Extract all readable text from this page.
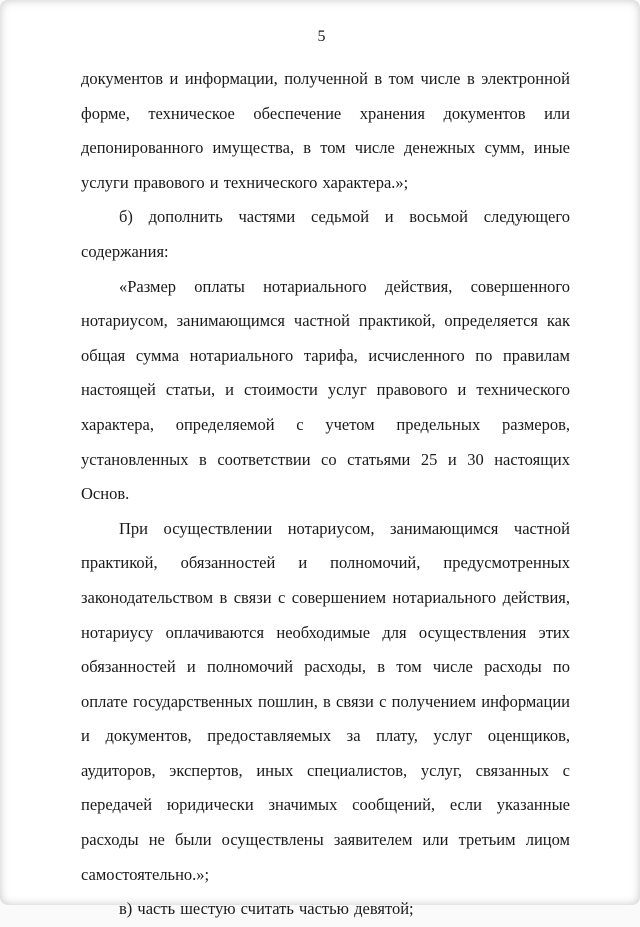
5

документов и информации, полученной в том числе в электронной форме, техническое обеспечение хранения документов или депонированного имущества, в том числе денежных сумм, иные услуги правового и технического характера.»;

б) дополнить частями седьмой и восьмой следующего содержания:

«Размер оплаты нотариального действия, совершенного нотариусом, занимающимся частной практикой, определяется как общая сумма нотариального тарифа, исчисленного по правилам настоящей статьи, и стоимости услуг правового и технического характера, определяемой с учетом предельных размеров, установленных в соответствии со статьями 25 и 30 настоящих Основ.

При осуществлении нотариусом, занимающимся частной практикой, обязанностей и полномочий, предусмотренных законодательством в связи с совершением нотариального действия, нотариусу оплачиваются необходимые для осуществления этих обязанностей и полномочий расходы, в том числе расходы по оплате государственных пошлин, в связи с получением информации и документов, предоставляемых за плату, услуг оценщиков, аудиторов, экспертов, иных специалистов, услуг, связанных с передачей юридически значимых сообщений, если указанные расходы не были осуществлены заявителем или третьим лицом самостоятельно.»;

в) часть шестую считать частью девятой;
